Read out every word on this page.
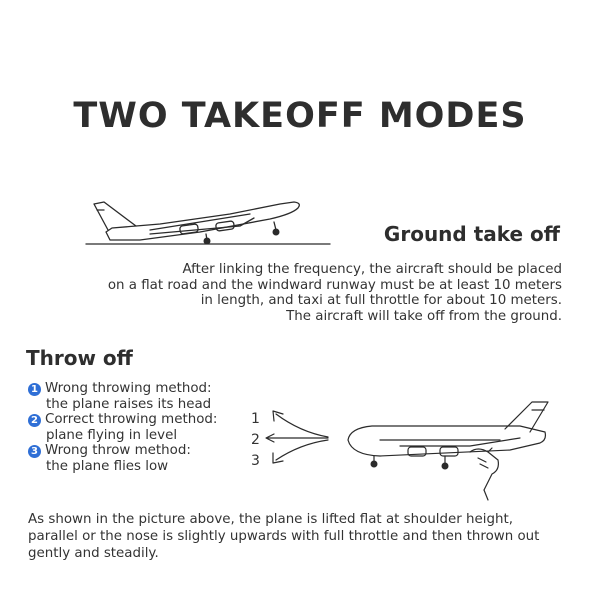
TWO TAKEOFF MODES
Ground take off
After linking the frequency, the aircraft should be placed
on a flat road and the windward runway must be at least 10 meters
in length, and taxi at full throttle for about 10 meters.
The aircraft will take off from the ground.
Throw off
1 Wrong throwing method:
the plane raises its head
2 Correct throwing method:
plane flying in level
3 Wrong throw method:
the plane flies low
1
2
3
As shown in the picture above, the plane is lifted flat at shoulder height, parallel or the nose is slightly upwards with full throttle and then thrown out gently and steadily.
